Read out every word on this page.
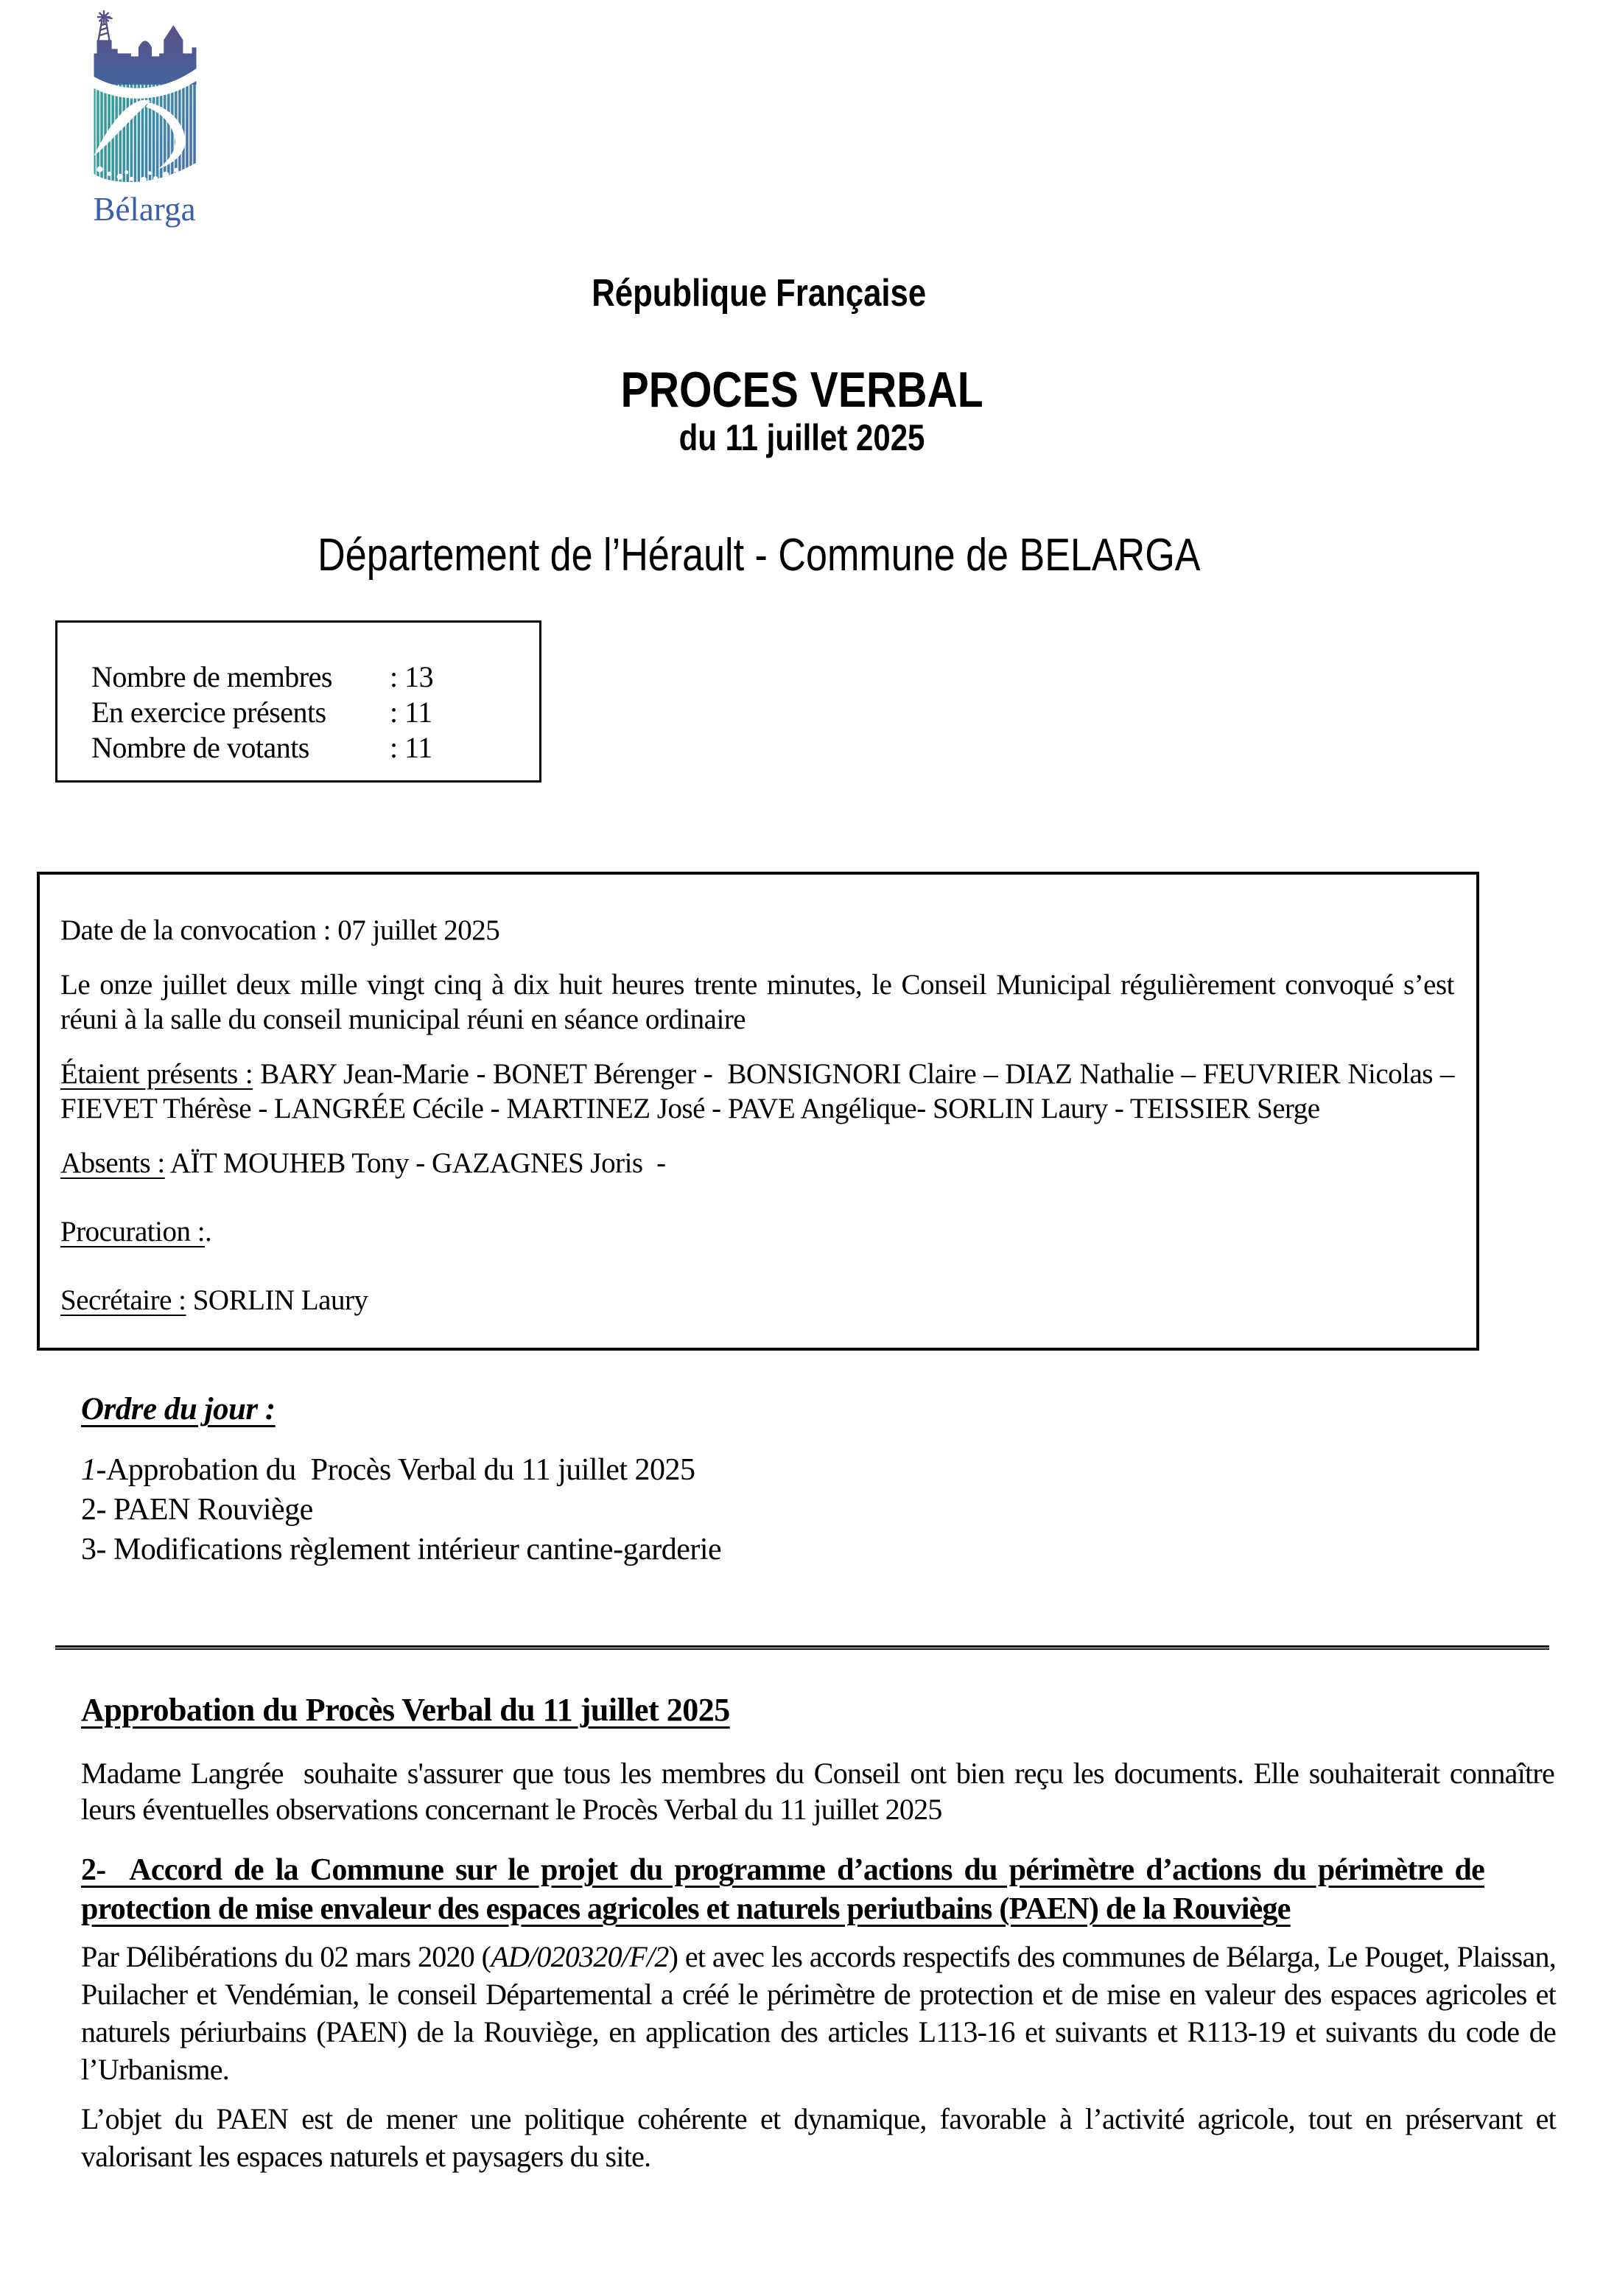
Bélarga
République Française
PROCES VERBAL
du 11 juillet 2025
Département de l’Hérault - Commune de BELARGA
Nombre de membres	: 13
En exercice présents	: 11
Nombre de votants	: 11

Date de la convocation : 07 juillet 2025

Le onze juillet deux mille vingt cinq à dix huit heures trente minutes, le Conseil Municipal régulièrement convoqué s’est réuni à la salle du conseil municipal réuni en séance ordinaire

Étaient présents : BARY Jean-Marie - BONET Bérenger -  BONSIGNORI Claire – DIAZ Nathalie – FEUVRIER Nicolas – FIEVET Thérèse - LANGRÉE Cécile - MARTINEZ José - PAVE Angélique- SORLIN Laury - TEISSIER Serge

Absents : AÏT MOUHEB Tony - GAZAGNES Joris  -

Procuration :.

Secrétaire : SORLIN Laury

Ordre du jour :
1-Approbation du  Procès Verbal du 11 juillet 2025
2- PAEN Rouviège
3- Modifications règlement intérieur cantine-garderie
Approbation du Procès Verbal du 11 juillet 2025
Madame Langrée  souhaite s'assurer que tous les membres du Conseil ont bien reçu les documents. Elle souhaiterait connaître leurs éventuelles observations concernant le Procès Verbal du 11 juillet 2025
2-  Accord de la Commune sur le projet du programme d’actions du périmètre d’actions du périmètre de protection de mise envaleur des espaces agricoles et naturels periutbains (PAEN) de la Rouviège
Par Délibérations du 02 mars 2020 (AD/020320/F/2) et avec les accords respectifs des communes de Bélarga, Le Pouget, Plaissan, Puilacher et Vendémian, le conseil Départemental a créé le périmètre de protection et de mise en valeur des espaces agricoles et naturels périurbains (PAEN) de la Rouviège, en application des articles L113-16 et suivants et R113-19 et suivants du code de l’Urbanisme.
L’objet du PAEN est de mener une politique cohérente et dynamique, favorable à l’activité agricole, tout en préservant et valorisant les espaces naturels et paysagers du site.
